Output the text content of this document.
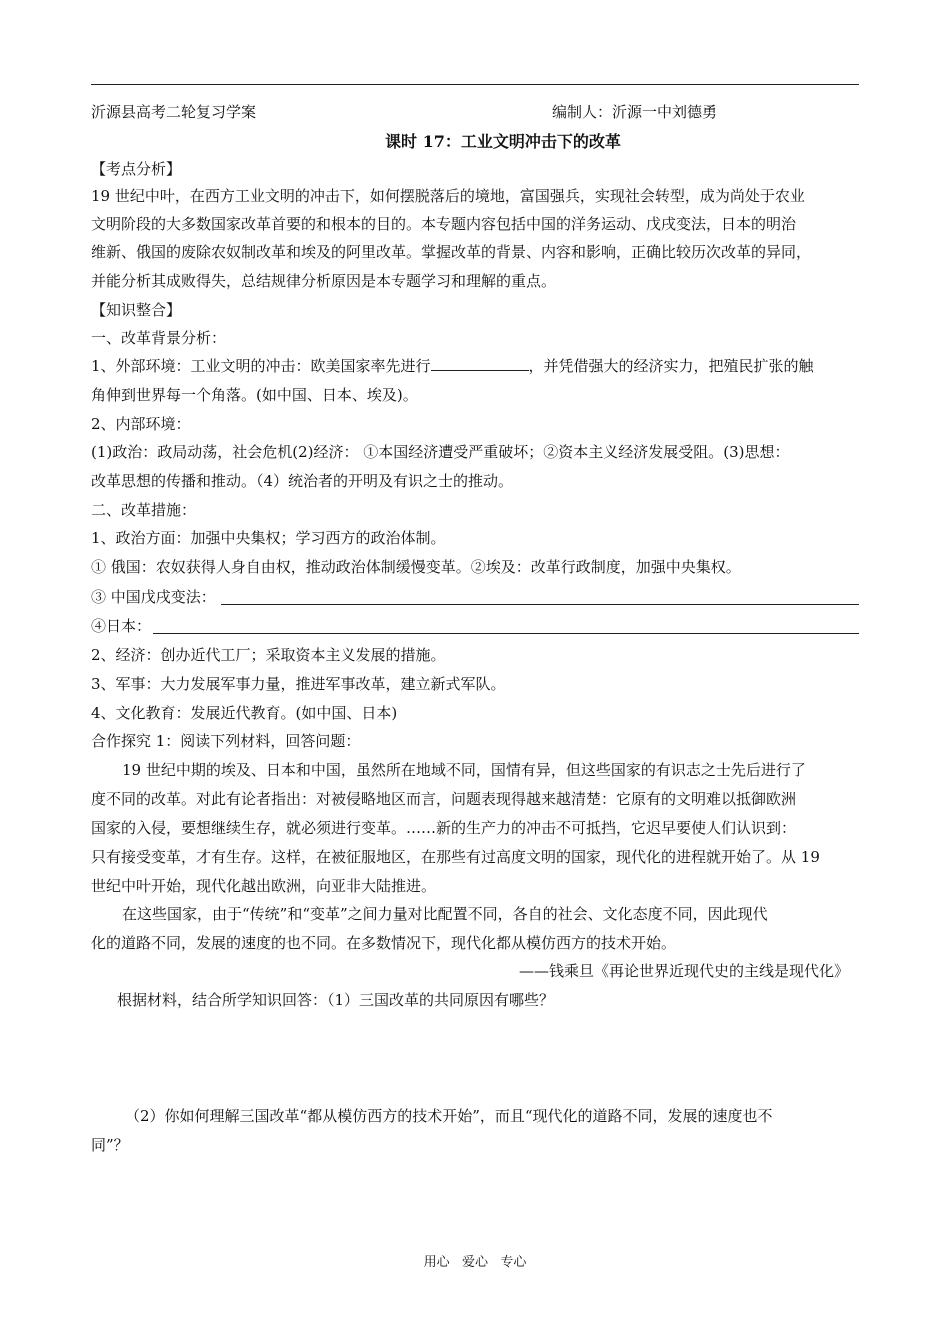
沂源县高考二轮复习学案	编制人：沂源一中刘德勇
课时 17：工业文明冲击下的改革
【考点分析】
19 世纪中叶，在西方工业文明的冲击下，如何摆脱落后的境地，富国强兵，实现社会转型，成为尚处于农业
文明阶段的大多数国家改革首要的和根本的目的。本专题内容包括中国的洋务运动、戊戌变法，日本的明治
维新、俄国的废除农奴制改革和埃及的阿里改革。掌握改革的背景、内容和影响，正确比较历次改革的异同，
并能分析其成败得失，总结规律分析原因是本专题学习和理解的重点。
【知识整合】
一、改革背景分析：
1、外部环境：工业文明的冲击：欧美国家率先进行	，并凭借强大的经济实力，把殖民扩张的触
角伸到世界每一个角落。(如中国、日本、埃及)。
2、内部环境：
(1)政治：政局动荡，社会危机(2)经济： ①本国经济遭受严重破坏；②资本主义经济发展受阻。(3)思想：
改革思想的传播和推动。（4）统治者的开明及有识之士的推动。
二、改革措施：
1、政治方面：加强中央集权；学习西方的政治体制。
① 俄国：农奴获得人身自由权，推动政治体制缓慢变革。②埃及：改革行政制度，加强中央集权。
③ 中国戊戌变法：
④日本：
2、经济：创办近代工厂；采取资本主义发展的措施。
3、军事：大力发展军事力量，推进军事改革，建立新式军队。
4、文化教育：发展近代教育。(如中国、日本)
合作探究 1：阅读下列材料，回答问题：
19 世纪中期的埃及、日本和中国，虽然所在地域不同，国情有异，但这些国家的有识志之士先后进行了
度不同的改革。对此有论者指出：对被侵略地区而言，问题表现得越来越清楚：它原有的文明难以抵御欧洲
国家的入侵，要想继续生存，就必须进行变革。……新的生产力的冲击不可抵挡，它迟早要使人们认识到：
只有接受变革，才有生存。这样，在被征服地区，在那些有过高度文明的国家，现代化的进程就开始了。从 19
世纪中叶开始，现代化越出欧洲，向亚非大陆推进。
在这些国家，由于“传统”和“变革”之间力量对比配置不同，各自的社会、文化态度不同，因此现代
化的道路不同，发展的速度的也不同。在多数情况下，现代化都从模仿西方的技术开始。
——钱乘旦《再论世界近现代史的主线是现代化》
根据材料，结合所学知识回答：（1）三国改革的共同原因有哪些？
（2）你如何理解三国改革“都从模仿西方的技术开始”，而且“现代化的道路不同，发展的速度也不
同”？
用心   爱心   专心
